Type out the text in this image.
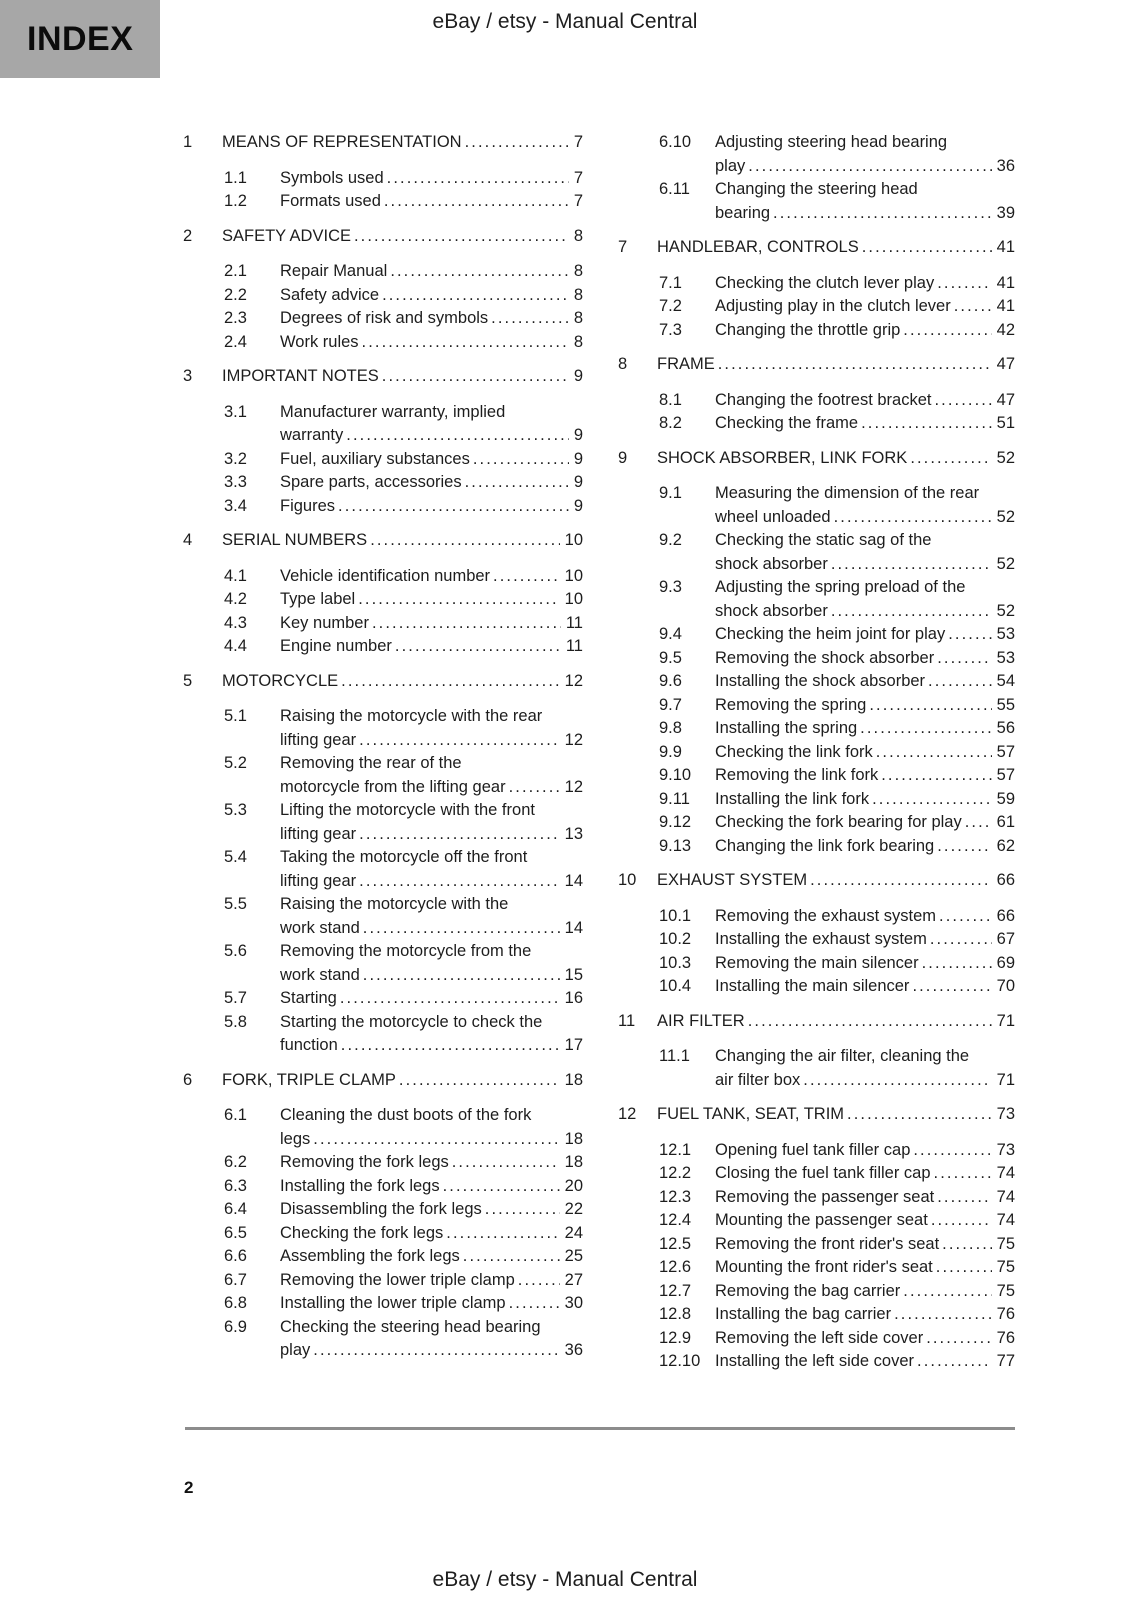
INDEX	eBay / etsy - Manual Central
1	MEANS OF REPRESENTATION .....	7
1.1	Symbols used .....	7
1.2	Formats used .....	7
2	SAFETY ADVICE .....	8
2.1	Repair Manual .....	8
2.2	Safety advice .....	8
2.3	Degrees of risk and symbols .....	8
2.4	Work rules .....	8
3	IMPORTANT NOTES .....	9
3.1	Manufacturer warranty, implied
warranty .....	9
3.2	Fuel, auxiliary substances .....	9
3.3	Spare parts, accessories .....	9
3.4	Figures .....	9
4	SERIAL NUMBERS .....	10
4.1	Vehicle identification number .....	10
4.2	Type label .....	10
4.3	Key number .....	11
4.4	Engine number .....	11
5	MOTORCYCLE .....	12
5.1	Raising the motorcycle with the rear
lifting gear .....	12
5.2	Removing the rear of the
motorcycle from the lifting gear .....	12
5.3	Lifting the motorcycle with the front
lifting gear .....	13
5.4	Taking the motorcycle off the front
lifting gear .....	14
5.5	Raising the motorcycle with the
work stand .....	14
5.6	Removing the motorcycle from the
work stand .....	15
5.7	Starting .....	16
5.8	Starting the motorcycle to check the
function .....	17
6	FORK, TRIPLE CLAMP .....	18
6.1	Cleaning the dust boots of the fork
legs .....	18
6.2	Removing the fork legs .....	18
6.3	Installing the fork legs .....	20
6.4	Disassembling the fork legs .....	22
6.5	Checking the fork legs .....	24
6.6	Assembling the fork legs .....	25
6.7	Removing the lower triple clamp .....	27
6.8	Installing the lower triple clamp .....	30
6.9	Checking the steering head bearing
play .....	36
6.10	Adjusting steering head bearing
play .....	36
6.11	Changing the steering head
bearing .....	39
7	HANDLEBAR, CONTROLS .....	41
7.1	Checking the clutch lever play .....	41
7.2	Adjusting play in the clutch lever .....	41
7.3	Changing the throttle grip .....	42
8	FRAME .....	47
8.1	Changing the footrest bracket .....	47
8.2	Checking the frame .....	51
9	SHOCK ABSORBER, LINK FORK .....	52
9.1	Measuring the dimension of the rear
wheel unloaded .....	52
9.2	Checking the static sag of the
shock absorber .....	52
9.3	Adjusting the spring preload of the
shock absorber .....	52
9.4	Checking the heim joint for play .....	53
9.5	Removing the shock absorber .....	53
9.6	Installing the shock absorber .....	54
9.7	Removing the spring .....	55
9.8	Installing the spring .....	56
9.9	Checking the link fork .....	57
9.10	Removing the link fork .....	57
9.11	Installing the link fork .....	59
9.12	Checking the fork bearing for play ..... 61
9.13	Changing the link fork bearing .....	62
10	EXHAUST SYSTEM .....	66
10.1	Removing the exhaust system .....	66
10.2	Installing the exhaust system .....	67
10.3	Removing the main silencer .....	69
10.4	Installing the main silencer .....	70
11	AIR FILTER .....	71
11.1	Changing the air filter, cleaning the
air filter box .....	71
12	FUEL TANK, SEAT, TRIM .....	73
12.1	Opening fuel tank filler cap .....	73
12.2	Closing the fuel tank filler cap .....	74
12.3	Removing the passenger seat .....	74
12.4	Mounting the passenger seat .....	74
12.5	Removing the front rider's seat .....	75
12.6	Mounting the front rider's seat .....	75
12.7	Removing the bag carrier .....	75
12.8	Installing the bag carrier .....	76
12.9	Removing the left side cover .....	76
12.10 Installing the left side cover .....	77
2
eBay / etsy - Manual Central
